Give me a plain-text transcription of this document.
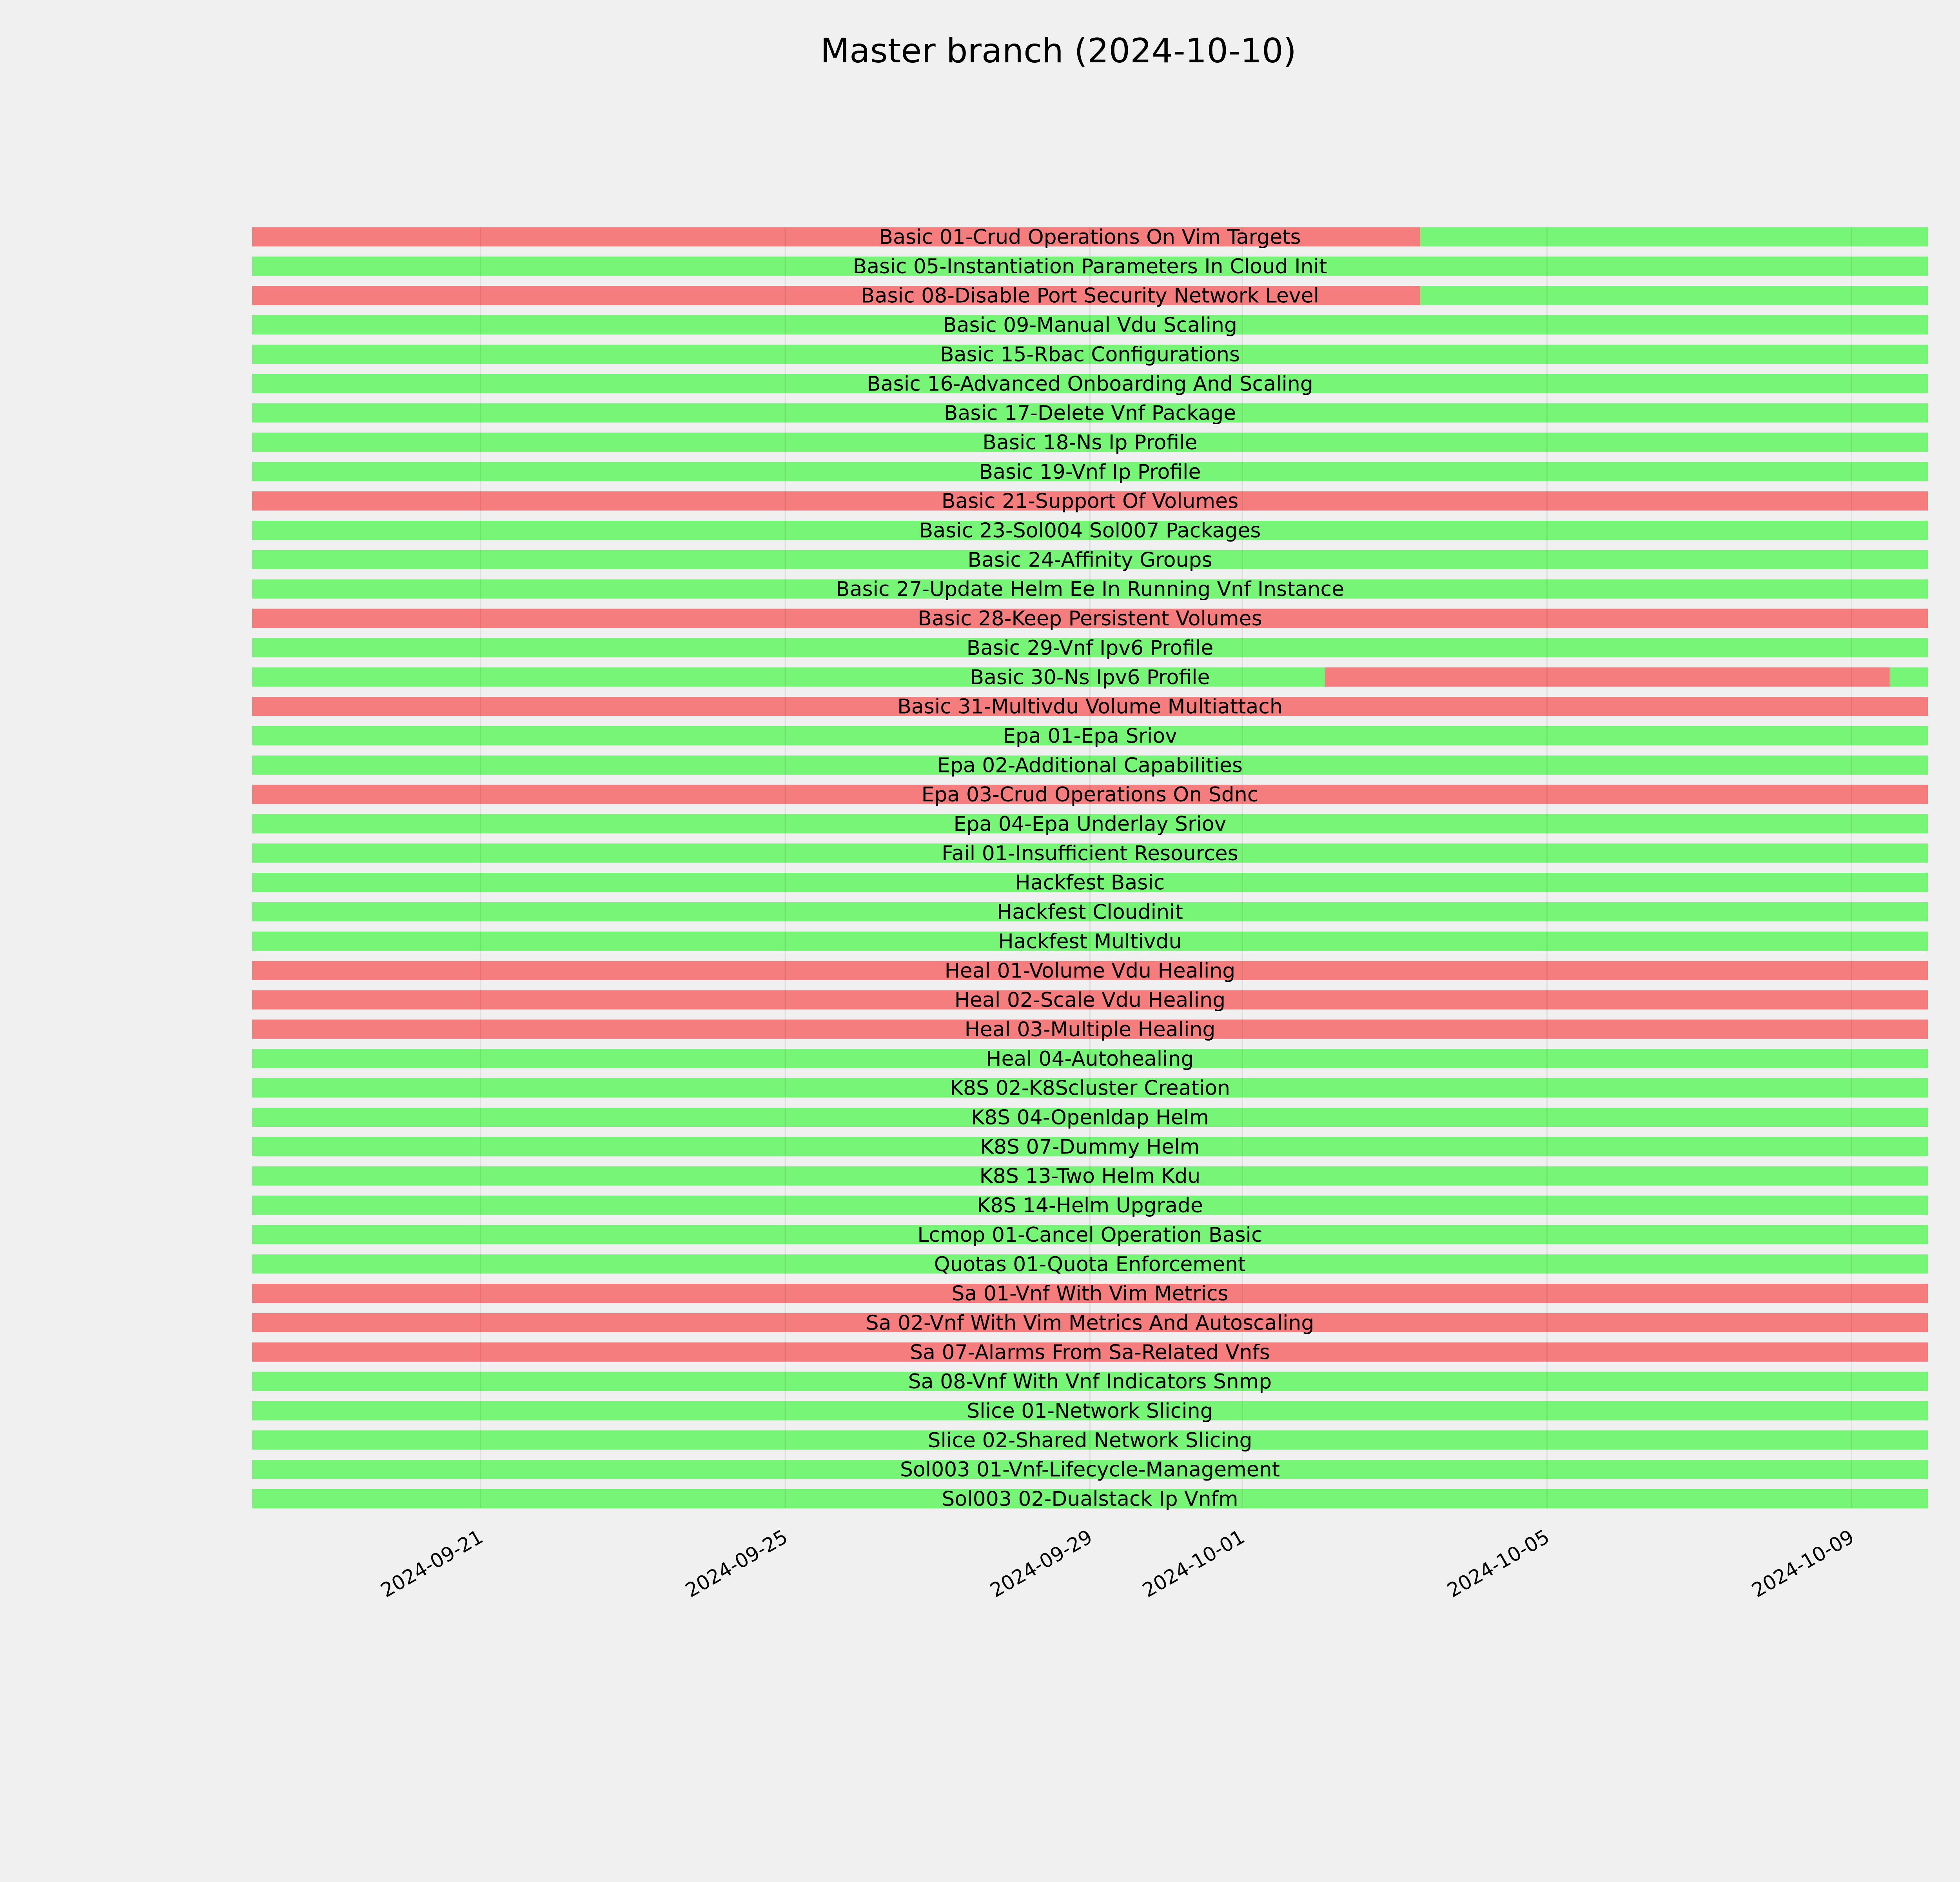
Master branch (2024-10-10)
Basic 01-Crud Operations On Vim Targets
Basic 05-Instantiation Parameters In Cloud Init
Basic 08-Disable Port Security Network Level
Basic 09-Manual Vdu Scaling
Basic 15-Rbac Configurations
Basic 16-Advanced Onboarding And Scaling
Basic 17-Delete Vnf Package
Basic 18-Ns Ip Profile
Basic 19-Vnf Ip Profile
Basic 21-Support Of Volumes
Basic 23-Sol004 Sol007 Packages
Basic 24-Affinity Groups
Basic 27-Update Helm Ee In Running Vnf Instance
Basic 28-Keep Persistent Volumes
Basic 29-Vnf Ipv6 Profile
Basic 30-Ns Ipv6 Profile
Basic 31-Multivdu Volume Multiattach
Epa 01-Epa Sriov
Epa 02-Additional Capabilities
Epa 03-Crud Operations On Sdnc
Epa 04-Epa Underlay Sriov
Fail 01-Insufficient Resources
Hackfest Basic
Hackfest Cloudinit
Hackfest Multivdu
Heal 01-Volume Vdu Healing
Heal 02-Scale Vdu Healing
Heal 03-Multiple Healing
Heal 04-Autohealing
K8S 02-K8Scluster Creation
K8S 04-Openldap Helm
K8S 07-Dummy Helm
K8S 13-Two Helm Kdu
K8S 14-Helm Upgrade
Lcmop 01-Cancel Operation Basic
Quotas 01-Quota Enforcement
Sa 01-Vnf With Vim Metrics
Sa 02-Vnf With Vim Metrics And Autoscaling
Sa 07-Alarms From Sa-Related Vnfs
Sa 08-Vnf With Vnf Indicators Snmp
Slice 01-Network Slicing
Slice 02-Shared Network Slicing
Sol003 01-Vnf-Lifecycle-Management
Sol003 02-Dualstack Ip Vnfm
2024-09-21	2024-09-25	2024-09-29 2024-10-01	2024-10-05	2024-10-09
